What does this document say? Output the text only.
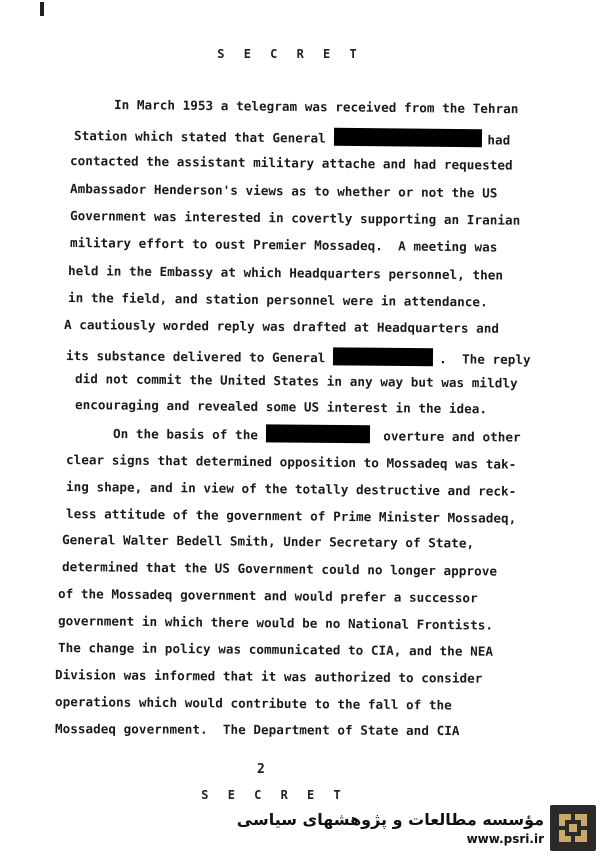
S E C R E T
In March 1953 a telegram was received from the Tehran
Station which stated that General	had
contacted the assistant military attache and had requested
Ambassador Henderson's views as to whether or not the US
Government was interested in covertly supporting an Iranian
military effort to oust Premier Mossadeq.  A meeting was
held in the Embassy at which Headquarters personnel, then
in the field, and station personnel were in attendance.
A cautiously worded reply was drafted at Headquarters and
its substance delivered to General	.  The reply
did not commit the United States in any way but was mildly
encouraging and revealed some US interest in the idea.
On the basis of the	overture and other
clear signs that determined opposition to Mossadeq was tak-
ing shape, and in view of the totally destructive and reck-
less attitude of the government of Prime Minister Mossadeq,
General Walter Bedell Smith, Under Secretary of State,
determined that the US Government could no longer approve
of the Mossadeq government and would prefer a successor
government in which there would be no National Frontists.
The change in policy was communicated to CIA, and the NEA
Division was informed that it was authorized to consider
operations which would contribute to the fall of the
Mossadeq government.  The Department of State and CIA
2
S E C R E T
مؤسسه مطالعات و پژوهشهای سیاسی
www.psri.ir
